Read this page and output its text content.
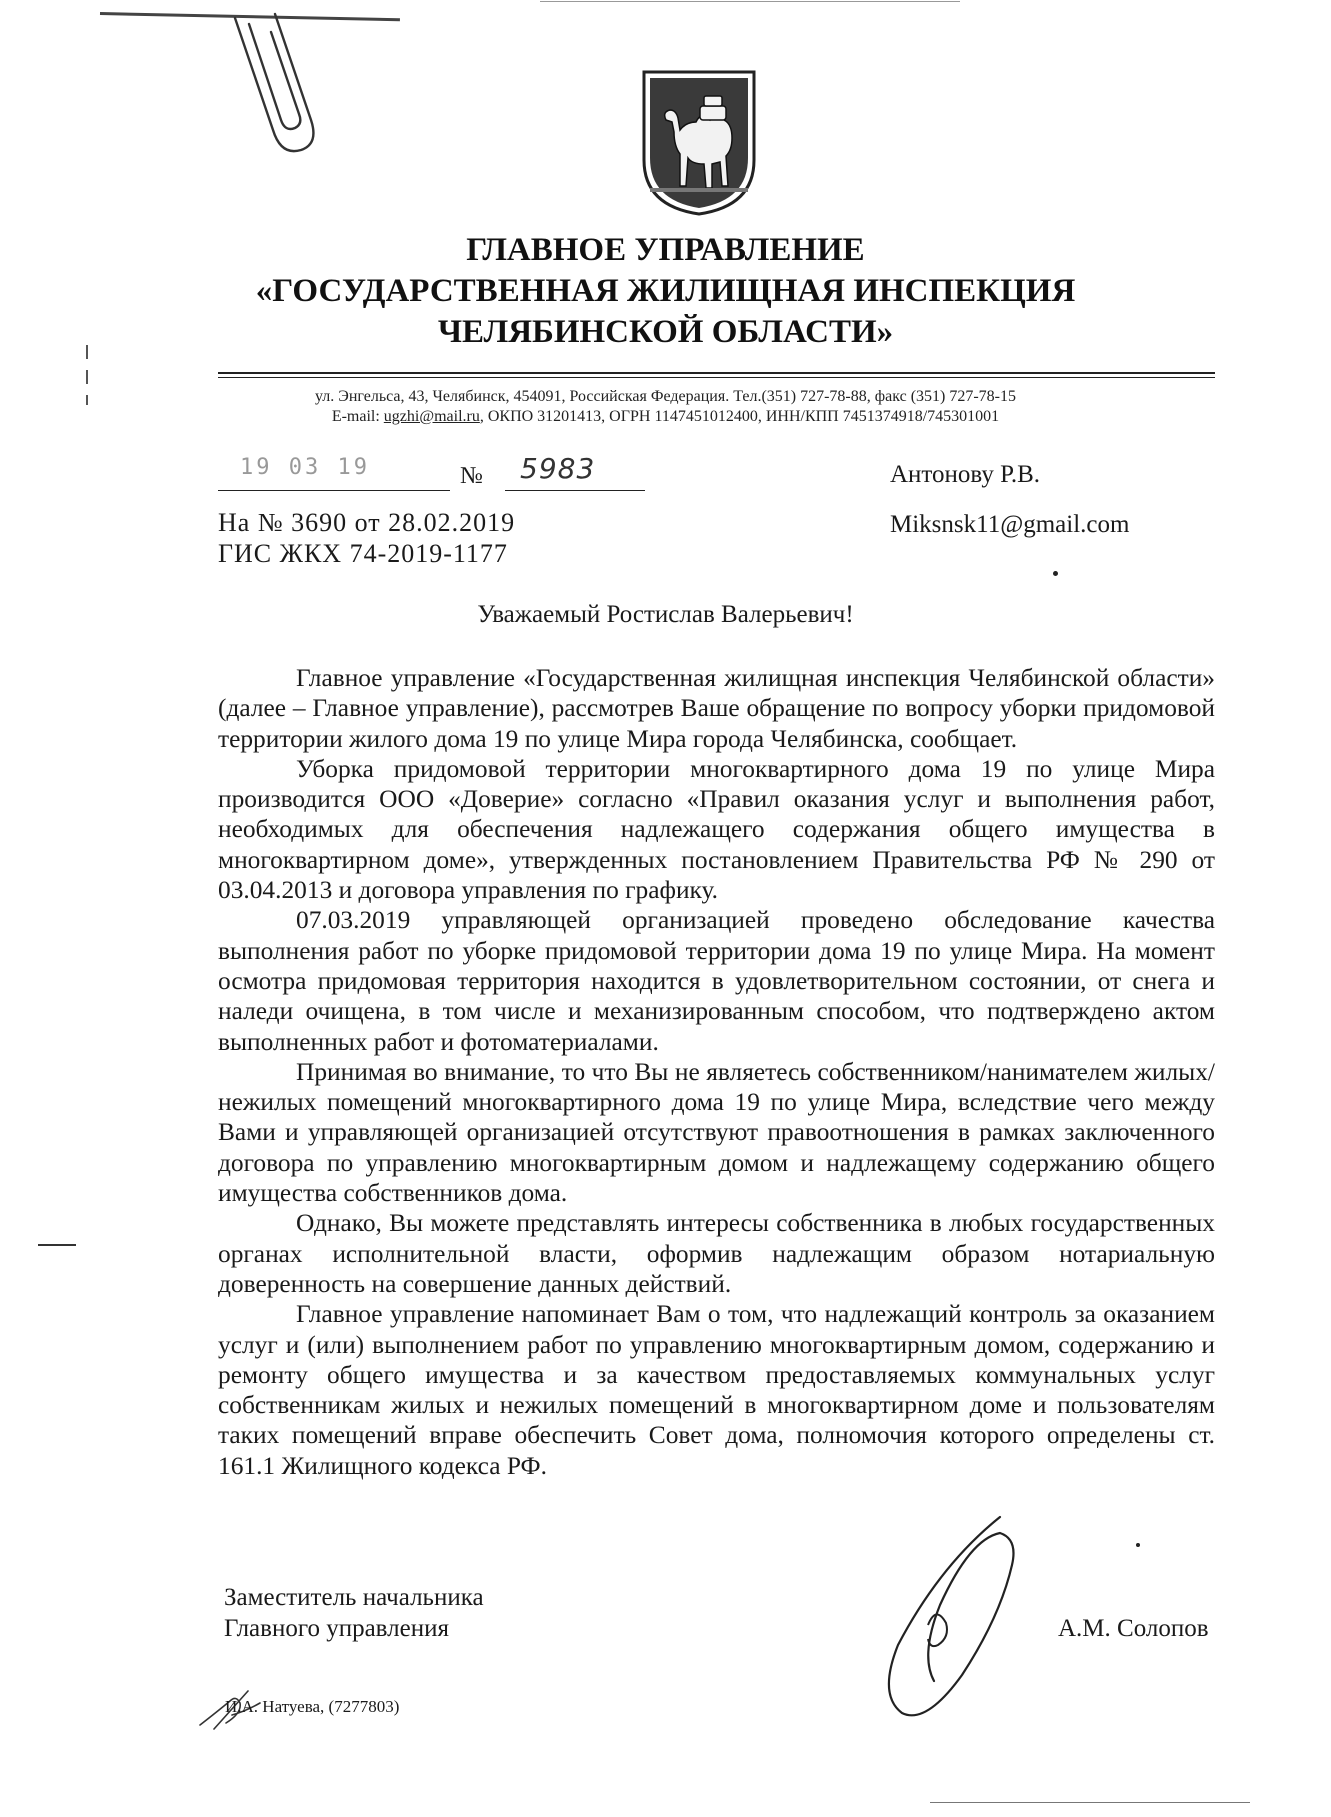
ГЛАВНОЕ УПРАВЛЕНИЕ
«ГОСУДАРСТВЕННАЯ ЖИЛИЩНАЯ ИНСПЕКЦИЯ
ЧЕЛЯБИНСКОЙ ОБЛАСТИ»
ул. Энгельса, 43, Челябинск, 454091, Российская Федерация. Тел.(351) 727-78-88, факс (351) 727-78-15
E-mail: ugzhi@mail.ru, ОКПО 31201413, ОГРН 1147451012400, ИНН/КПП 7451374918/745301001
19 03 19	№ 5983
На № 3690 от 28.02.2019
ГИС ЖКХ 74-2019-1177
Антонову Р.В.
Miksnsk11@gmail.com
Уважаемый Ростислав Валерьевич!

Главное управление «Государственная жилищная инспекция Челябинской области» (далее – Главное управление), рассмотрев Ваше обращение по вопросу уборки придомовой территории жилого дома 19 по улице Мира города Челябинска, сообщает.

Уборка придомовой территории многоквартирного дома 19 по улице Мира производится ООО «Доверие» согласно «Правил оказания услуг и выполнения работ, необходимых для обеспечения надлежащего содержания общего имущества в многоквартирном доме», утвержденных постановлением Правительства РФ № 290 от 03.04.2013 и договора управления по графику.

07.03.2019 управляющей организацией проведено обследование качества выполнения работ по уборке придомовой территории дома 19 по улице Мира. На момент осмотра придомовая территория находится в удовлетворительном состоянии, от снега и наледи очищена, в том числе и механизированным способом, что подтверждено актом выполненных работ и фотоматериалами.

Принимая во внимание, то что Вы не являетесь собственником/нанимателем жилых/нежилых помещений многоквартирного дома 19 по улице Мира, вследствие чего между Вами и управляющей организацией отсутствуют правоотношения в рамках заключенного договора по управлению многоквартирным домом и надлежащему содержанию общего имущества собственников дома.

Однако, Вы можете представлять интересы собственника в любых государственных органах исполнительной власти, оформив надлежащим образом нотариальную доверенность на совершение данных действий.

Главное управление напоминает Вам о том, что надлежащий контроль за оказанием услуг и (или) выполнением работ по управлению многоквартирным домом, содержанию и ремонту общего имущества и за качеством предоставляемых коммунальных услуг собственникам жилых и нежилых помещений в многоквартирном доме и пользователям таких помещений вправе обеспечить Совет дома, полномочия которого определены ст. 161.1 Жилищного кодекса РФ.

Заместитель начальника
Главного управления	А.М. Солопов
И.А. Натуева, (7277803)
